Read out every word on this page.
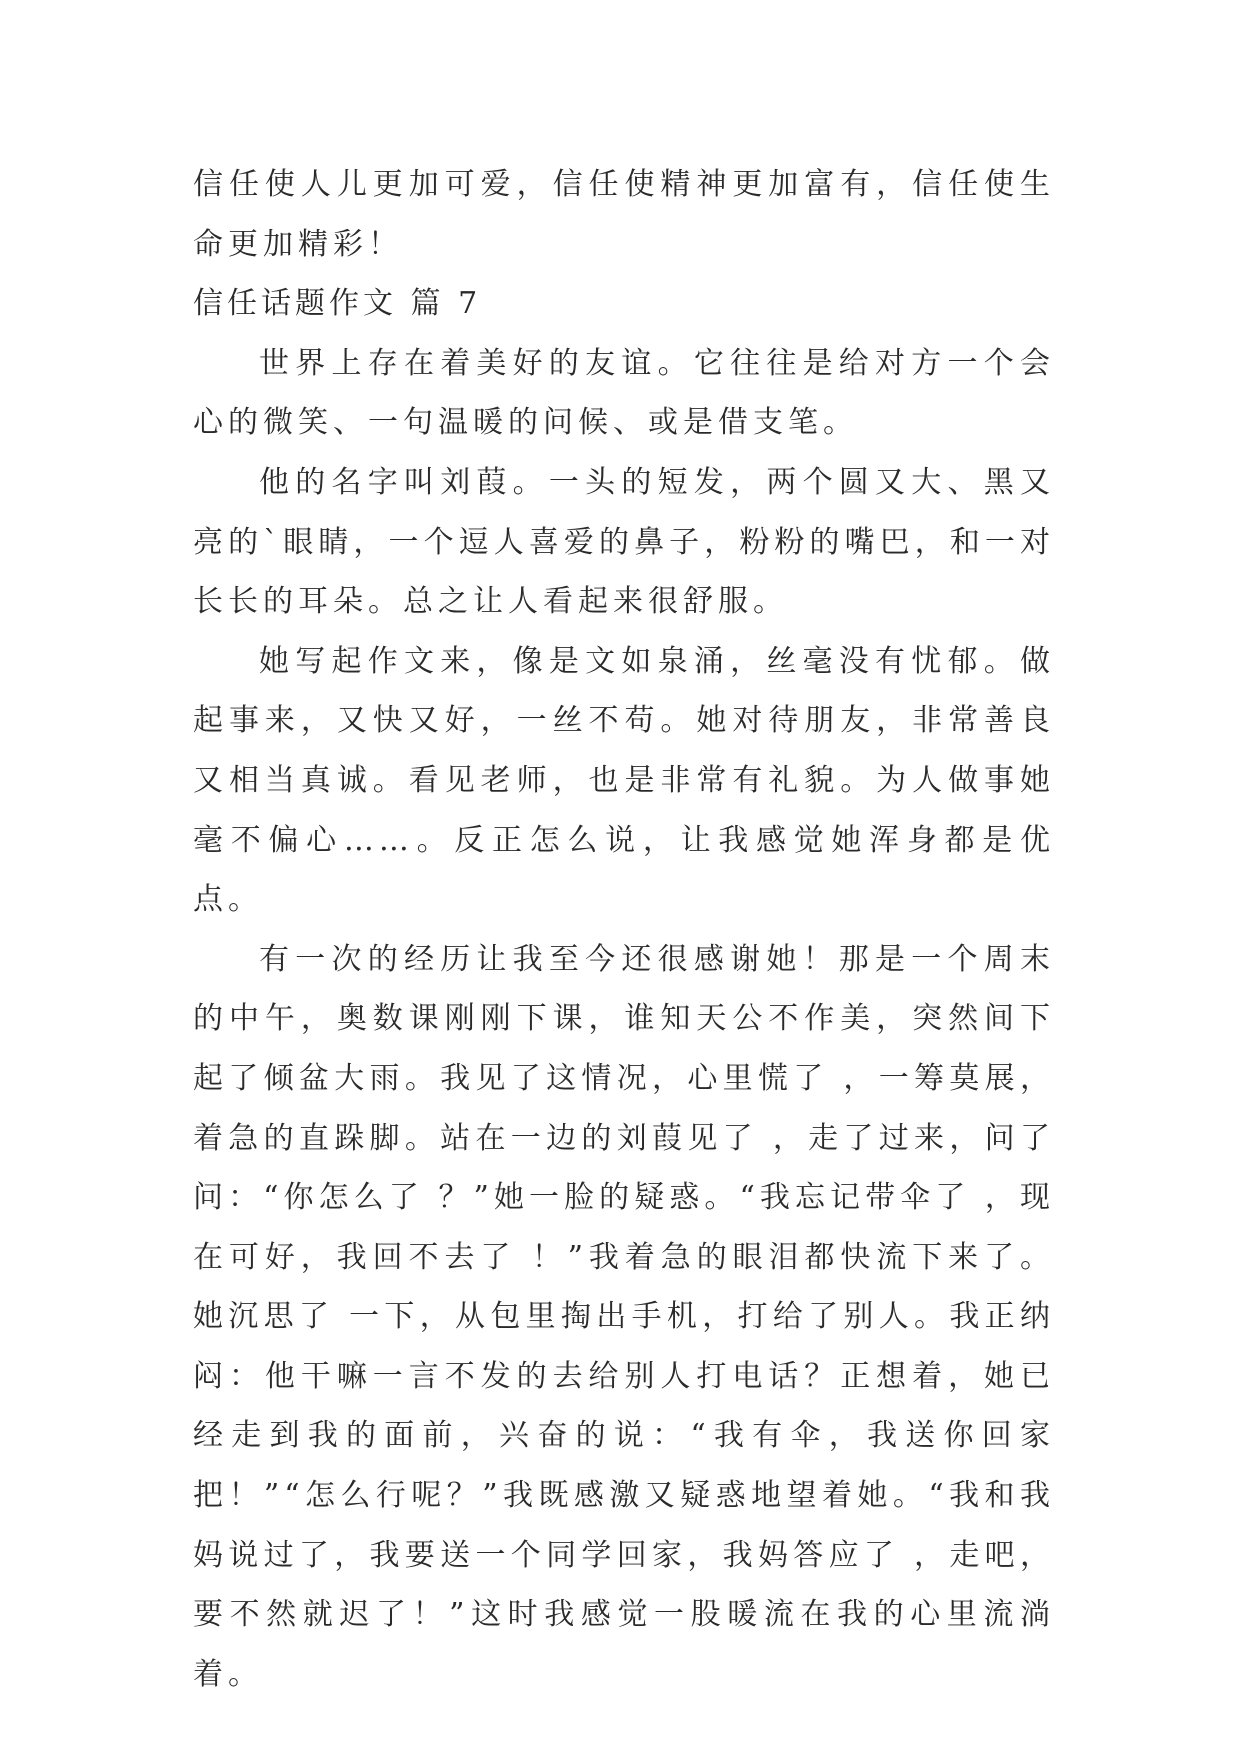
信任使人儿更加可爱，信任使精神更加富有，信任使生命更加精彩！

信任话题作文 篇 7

世界上存在着美好的友谊。它往往是给对方一个会心的微笑、一句温暖的问候、或是借支笔。

他的名字叫刘葭。一头的短发，两个圆又大、黑又亮的`眼睛，一个逗人喜爱的鼻子，粉粉的嘴巴，和一对长长的耳朵。总之让人看起来很舒服。

她写起作文来，像是文如泉涌，丝毫没有忧郁。做起事来，又快又好，一丝不苟。她对待朋友，非常善良又相当真诚。看见老师，也是非常有礼貌。为人做事她毫不偏心……。反正怎么说，让我感觉她浑身都是优点。

有一次的经历让我至今还很感谢她！那是一个周末的中午，奥数课刚刚下课，谁知天公不作美，突然间下起了倾盆大雨。我见了这情况，心里慌了 ，一筹莫展，着急的直跺脚。站在一边的刘葭见了 ，走了过来，问了问：“你怎么了 ？”她一脸的疑惑。“我忘记带伞了 ，现在可好，我回不去了 ！”我着急的眼泪都快流下来了。她沉思了 一下，从包里掏出手机，打给了别人。我正纳闷：他干嘛一言不发的去给别人打电话？正想着，她已经走到我的面前，兴奋的说：“我有伞，我送你回家把！”“怎么行呢？”我既感激又疑惑地望着她。“我和我妈说过了，我要送一个同学回家，我妈答应了 ，走吧，要不然就迟了！”这时我感觉一股暖流在我的心里流淌着。
